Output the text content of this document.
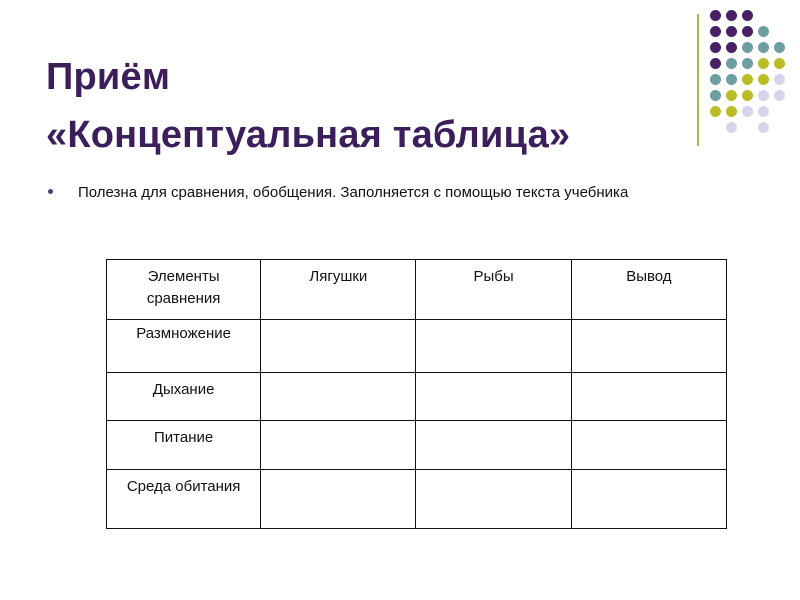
Приём
«Концептуальная таблица»
Полезна для сравнения, обобщения. Заполняется с помощью текста учебника
Элементы сравнения	Лягушки	Рыбы	Вывод
Размножение			
Дыхание			
Питание			
Среда обитания			
